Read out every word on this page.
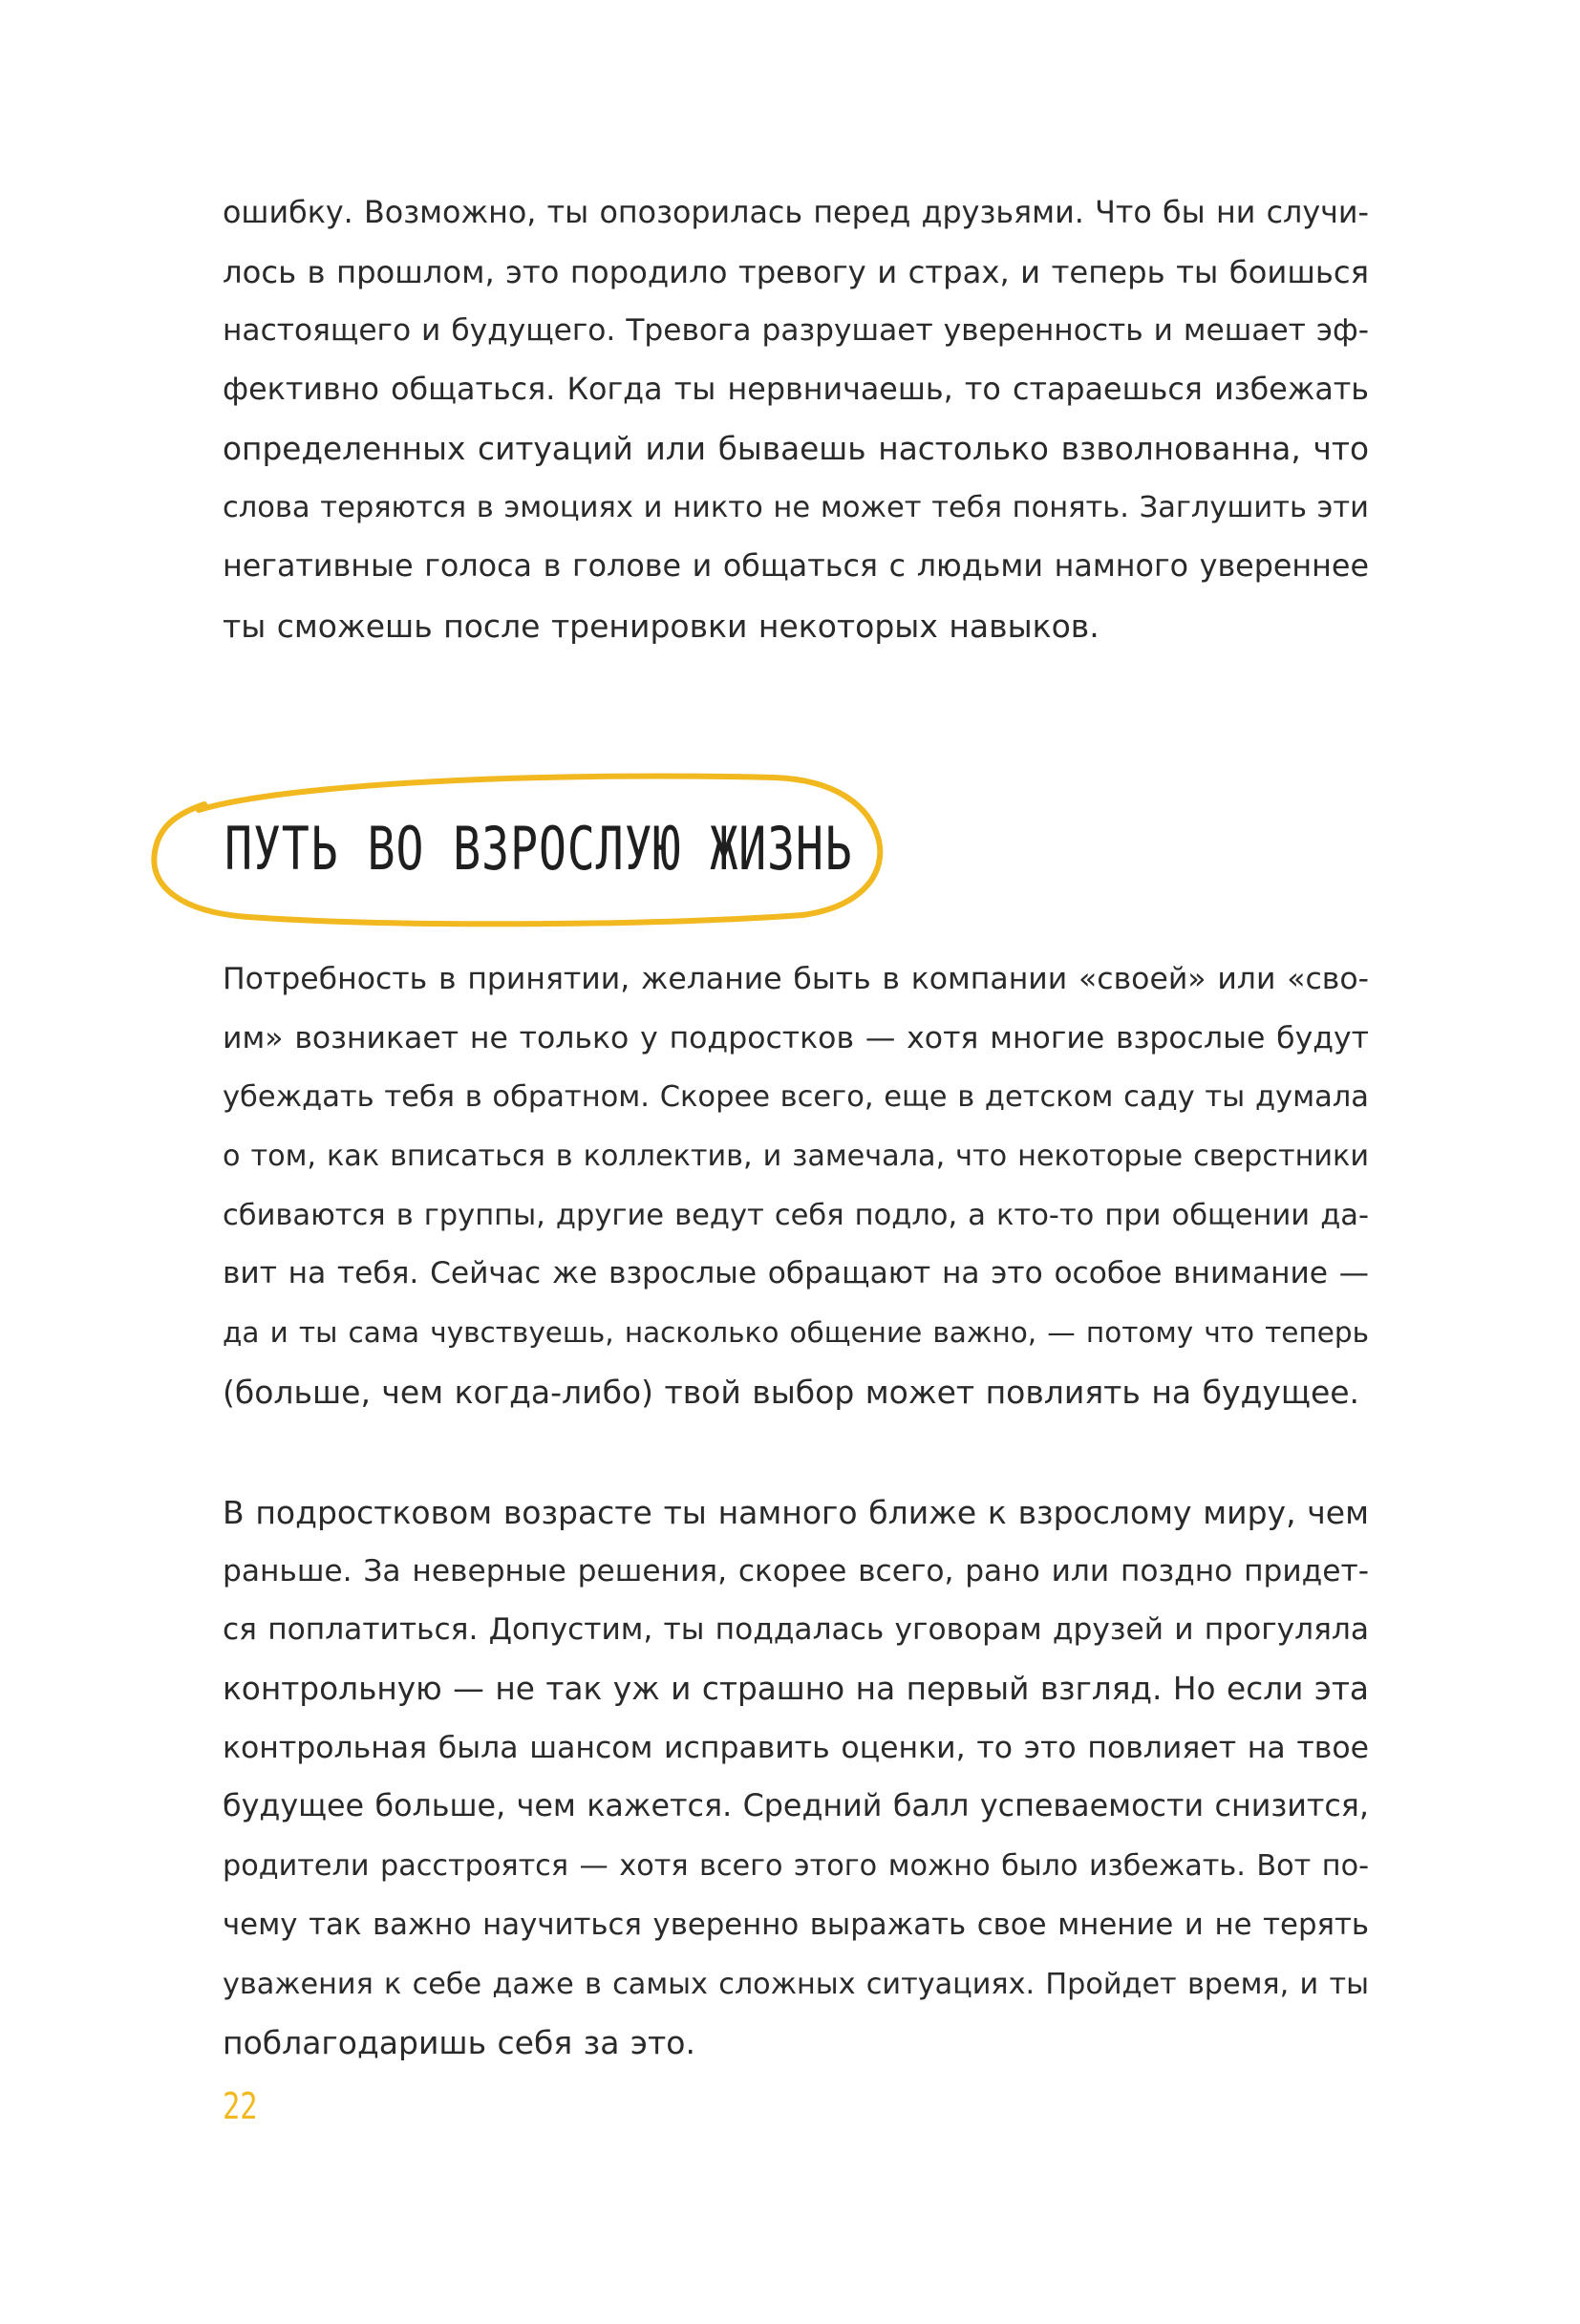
ошибку. Возможно, ты опозорилась перед друзьями. Что бы ни случи-

лось в прошлом, это породило тревогу и страх, и теперь ты боишься

настоящего и будущего. Тревога разрушает уверенность и мешает эф-

фективно общаться. Когда ты нервничаешь, то стараешься избежать

определенных ситуаций или бываешь настолько взволнованна, что

слова теряются в эмоциях и никто не может тебя понять. Заглушить эти

негативные голоса в голове и общаться с людьми намного увереннее

ты сможешь после тренировки некоторых навыков.

ПУТЬ ВО ВЗРОСЛУЮ ЖИЗНЬ

Потребность в принятии, желание быть в компании «своей» или «сво-

им» возникает не только у подростков — хотя многие взрослые будут

убеждать тебя в обратном. Скорее всего, еще в детском саду ты думала

о том, как вписаться в коллектив, и замечала, что некоторые сверстники

сбиваются в группы, другие ведут себя подло, а кто-то при общении да-

вит на тебя. Сейчас же взрослые обращают на это особое внимание —

да и ты сама чувствуешь, насколько общение важно, — потому что теперь

(больше, чем когда-либо) твой выбор может повлиять на будущее.

В подростковом возрасте ты намного ближе к взрослому миру, чем

раньше. За неверные решения, скорее всего, рано или поздно придет-

ся поплатиться. Допустим, ты поддалась уговорам друзей и прогуляла

контрольную — не так уж и страшно на первый взгляд. Но если эта

контрольная была шансом исправить оценки, то это повлияет на твое

будущее больше, чем кажется. Средний балл успеваемости снизится,

родители расстроятся — хотя всего этого можно было избежать. Вот по-

чему так важно научиться уверенно выражать свое мнение и не терять

уважения к себе даже в самых сложных ситуациях. Пройдет время, и ты

поблагодаришь себя за это.

22
